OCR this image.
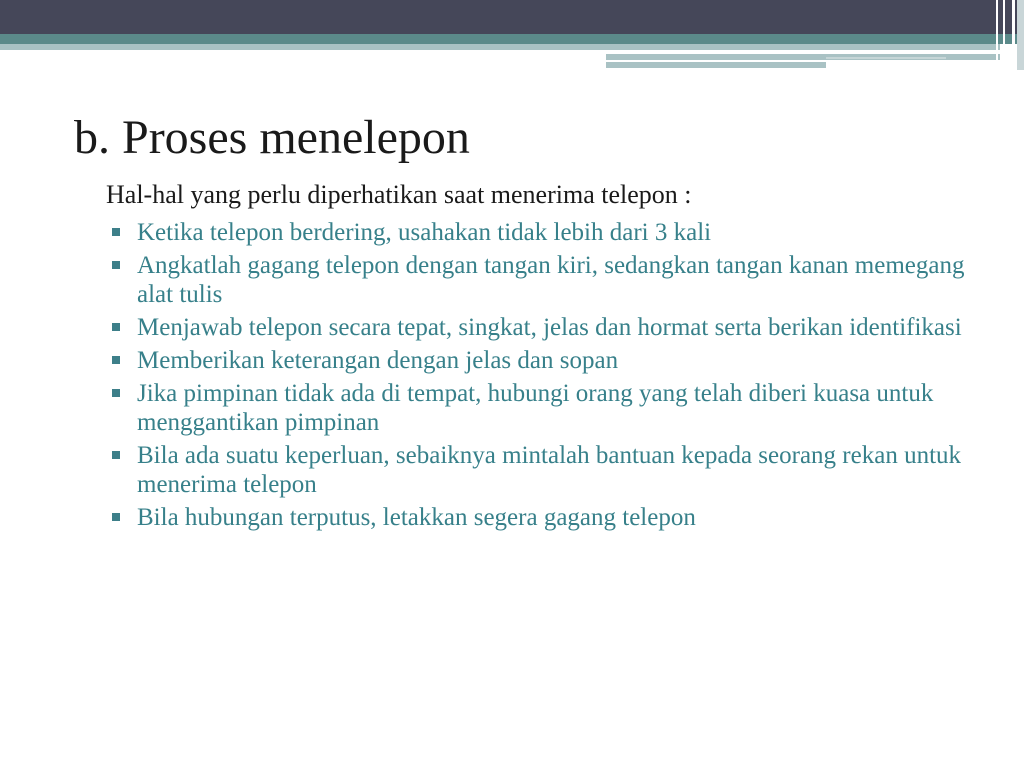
b. Proses menelepon

Hal-hal yang perlu diperhatikan saat menerima telepon :

Ketika telepon berdering, usahakan tidak lebih dari 3 kali
Angkatlah gagang telepon dengan tangan kiri, sedangkan tangan kanan memegang alat tulis
Menjawab telepon secara tepat, singkat, jelas dan hormat serta berikan identifikasi
Memberikan keterangan dengan jelas dan sopan
Jika pimpinan tidak ada di tempat, hubungi orang yang telah diberi kuasa untuk menggantikan pimpinan
Bila ada suatu keperluan, sebaiknya mintalah bantuan kepada seorang rekan untuk menerima telepon
Bila hubungan terputus, letakkan segera gagang telepon
